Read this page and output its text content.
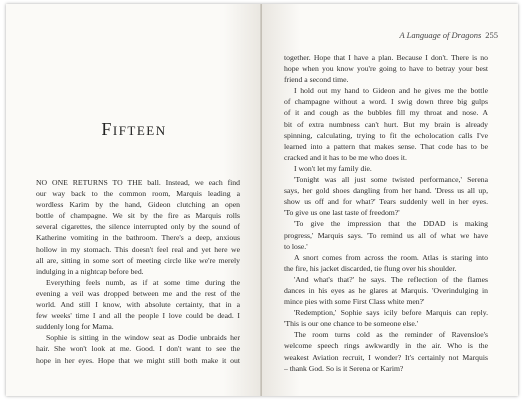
Fifteen
NO ONE RETURNS TO THE ball. Instead, we each find
our way back to the common room, Marquis leading a
wordless Karim by the hand, Gideon clutching an open
bottle of champagne. We sit by the fire as Marquis rolls
several cigarettes, the silence interrupted only by the sound of
Katherine vomiting in the bathroom. There's a deep, anxious
hollow in my stomach. This doesn't feel real and yet here we
all are, sitting in some sort of meeting circle like we're merely
indulging in a nightcap before bed.
Everything feels numb, as if at some time during the
evening a veil was dropped between me and the rest of the
world. And still I know, with absolute certainty, that in a
few weeks' time I and all the people I love could be dead. I
suddenly long for Mama.
Sophie is sitting in the window seat as Dodie unbraids her
hair. She won't look at me. Good. I don't want to see the
hope in her eyes. Hope that we might still both make it out
A Language of Dragons 255
together. Hope that I have a plan. Because I don't. There is no
hope when you know you're going to have to betray your best
friend a second time.
I hold out my hand to Gideon and he gives me the bottle
of champagne without a word. I swig down three big gulps
of it and cough as the bubbles fill my throat and nose. A
bit of extra numbness can't hurt. But my brain is already
spinning, calculating, trying to fit the echolocation calls I've
learned into a pattern that makes sense. That code has to be
cracked and it has to be me who does it.
I won't let my family die.
'Tonight was all just some twisted performance,' Serena
says, her gold shoes dangling from her hand. 'Dress us all up,
show us off and for what?' Tears suddenly well in her eyes.
'To give us one last taste of freedom?'
'To give the impression that the DDAD is making
progress,' Marquis says. 'To remind us all of what we have
to lose.'
A snort comes from across the room. Atlas is staring into
the fire, his jacket discarded, tie flung over his shoulder.
'And what's that?' he says. The reflection of the flames
dances in his eyes as he glares at Marquis. 'Overindulging in
mince pies with some First Class white men?'
'Redemption,' Sophie says icily before Marquis can reply.
'This is our one chance to be someone else.'
The room turns cold as the reminder of Ravensloe's
welcome speech rings awkwardly in the air. Who is the
weakest Aviation recruit, I wonder? It's certainly not Marquis
– thank God. So is it Serena or Karim?
